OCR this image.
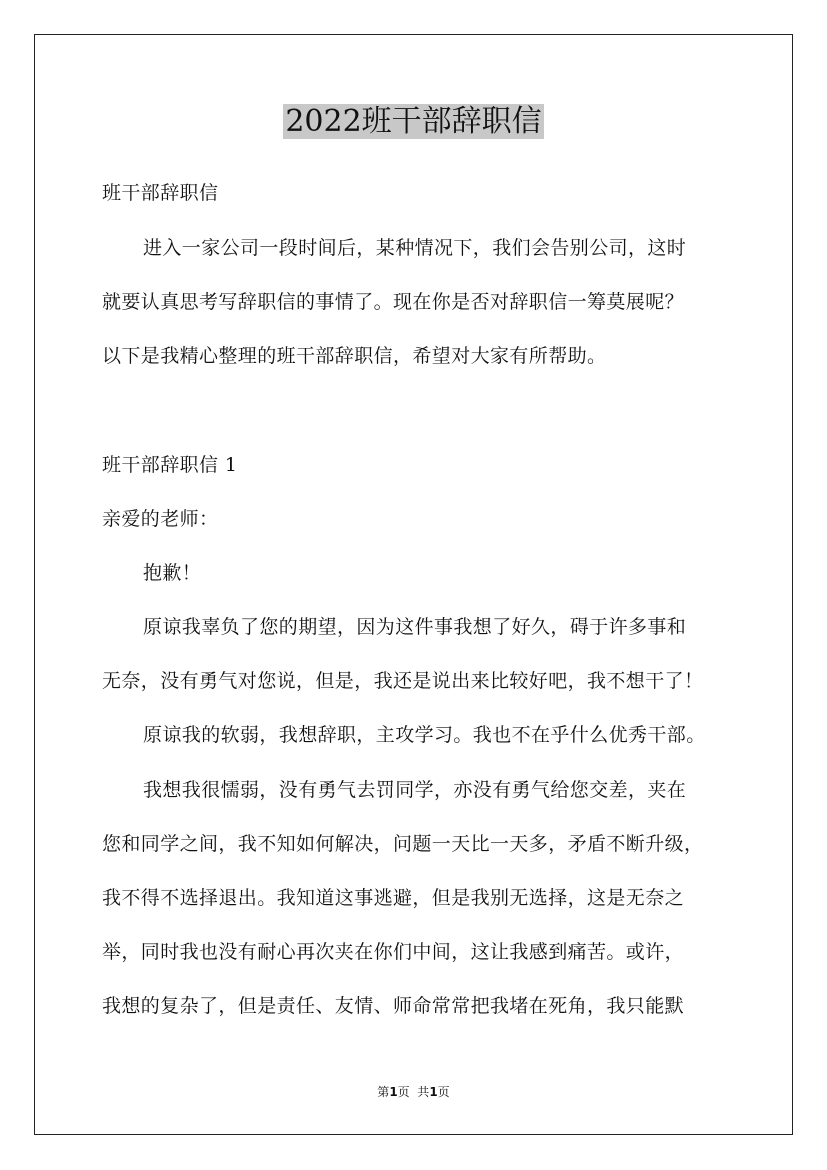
2022班干部辞职信
班干部辞职信
进入一家公司一段时间后，某种情况下，我们会告别公司，这时
就要认真思考写辞职信的事情了。现在你是否对辞职信一筹莫展呢？
以下是我精心整理的班干部辞职信，希望对大家有所帮助。
班干部辞职信 1
亲爱的老师：
抱歉！
原谅我辜负了您的期望，因为这件事我想了好久，碍于许多事和
无奈，没有勇气对您说，但是，我还是说出来比较好吧，我不想干了！
原谅我的软弱，我想辞职，主攻学习。我也不在乎什么优秀干部。
我想我很懦弱，没有勇气去罚同学，亦没有勇气给您交差，夹在
您和同学之间，我不知如何解决，问题一天比一天多，矛盾不断升级，
我不得不选择退出。我知道这事逃避，但是我别无选择，这是无奈之
举，同时我也没有耐心再次夹在你们中间，这让我感到痛苦。或许，
我想的复杂了，但是责任、友情、师命常常把我堵在死角，我只能默
第1页  共1页
